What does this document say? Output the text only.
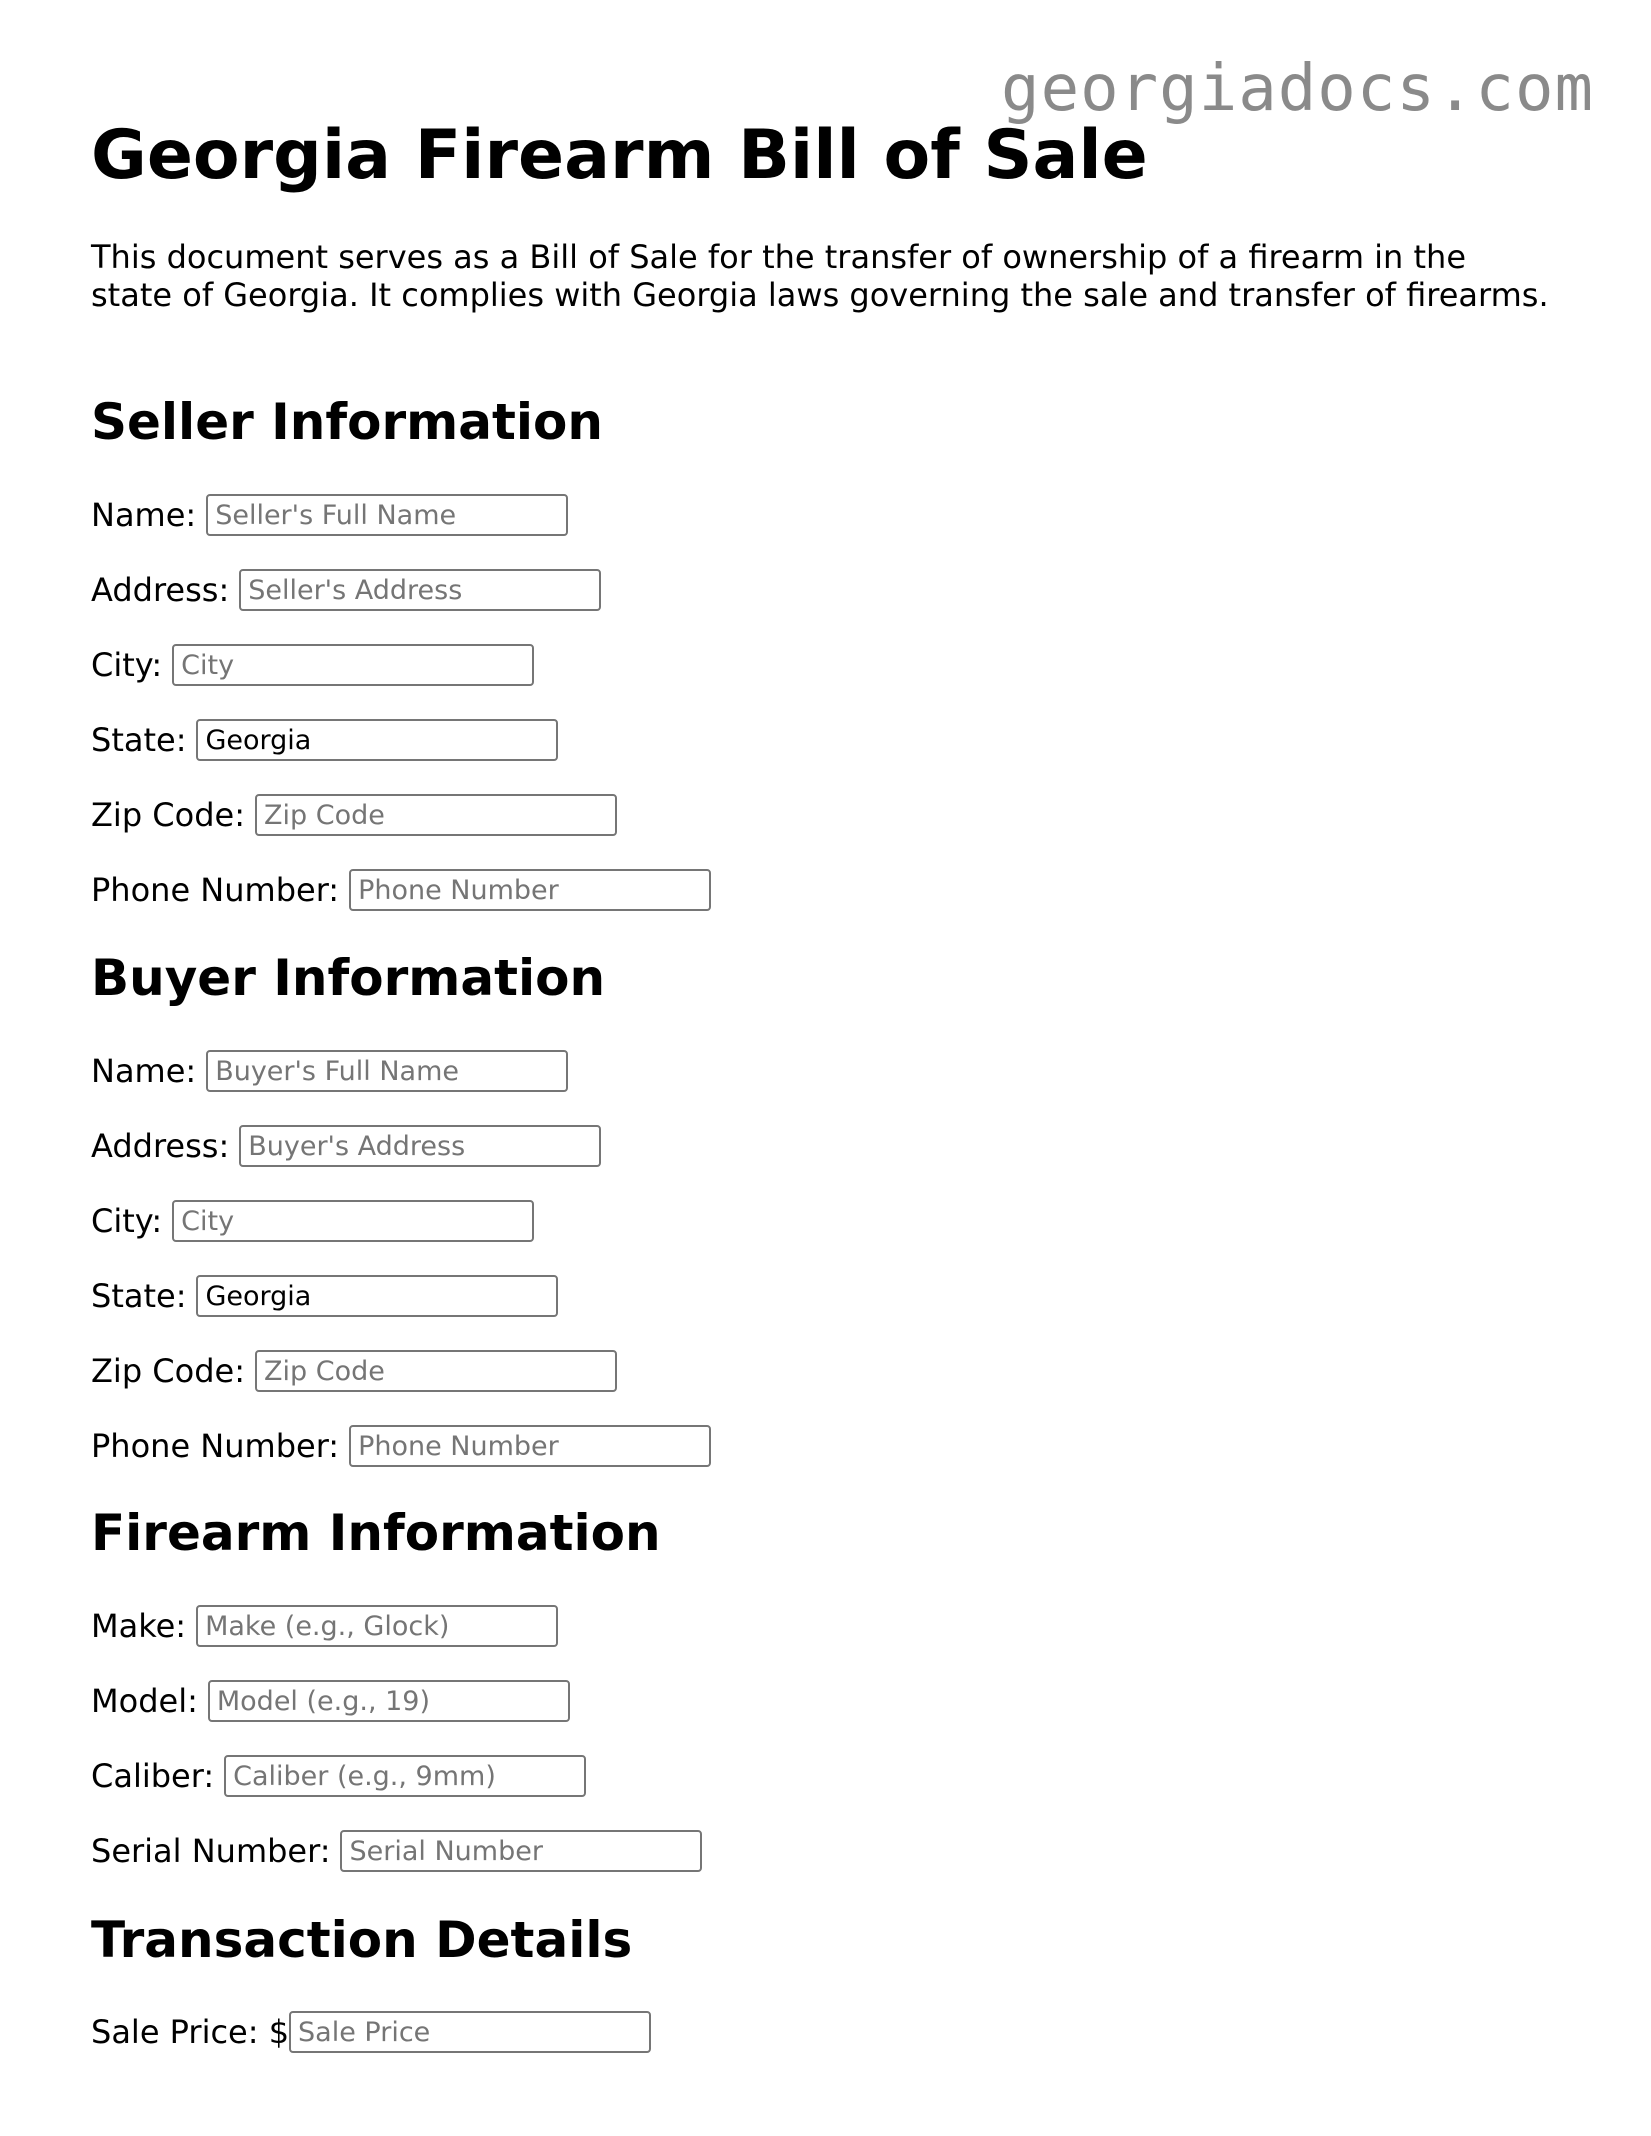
georgiadocs.com
Georgia Firearm Bill of Sale

This document serves as a Bill of Sale for the transfer of ownership of a firearm in the state of Georgia. It complies with Georgia laws governing the sale and transfer of firearms.

Seller Information
Name:
Seller's Full Name
Address:
Seller's Address
City:
City
State:
Georgia
Zip Code:
Zip Code
Phone Number:
Phone Number
Buyer Information
Name:
Buyer's Full Name
Address:
Buyer's Address
City:
City
State:
Georgia
Zip Code:
Zip Code
Phone Number:
Phone Number
Firearm Information
Make:
Make (e.g., Glock)
Model:
Model (e.g., 19)
Caliber:
Caliber (e.g., 9mm)
Serial Number:
Serial Number
Transaction Details
Sale Price: $
Sale Price
